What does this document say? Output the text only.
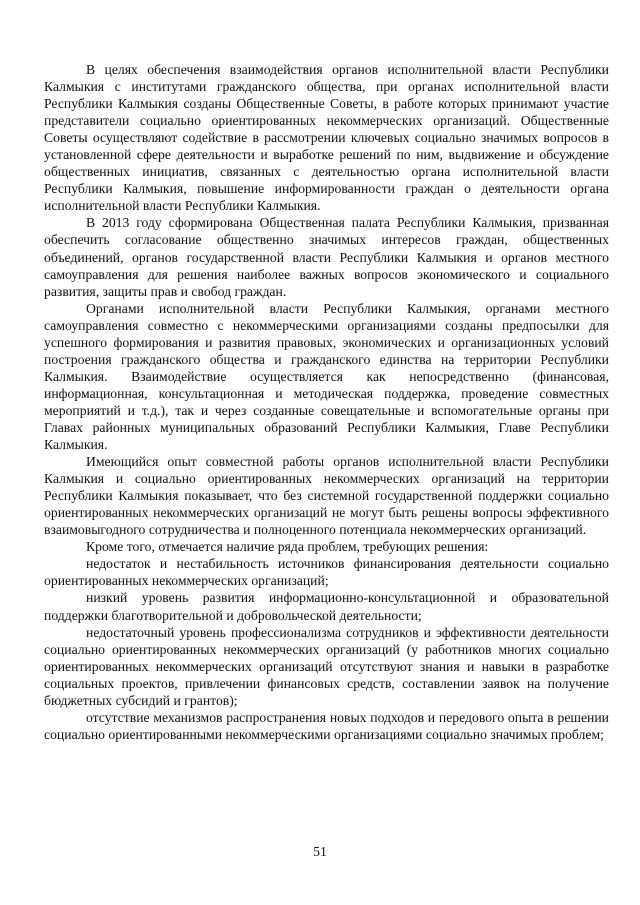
В целях обеспечения взаимодействия органов исполнительной власти Республики Калмыкия с институтами гражданского общества, при органах исполнительной власти Республики Калмыкия созданы Общественные Советы, в работе которых принимают участие представители социально ориентированных некоммерческих организаций. Общественные Советы осуществляют содействие в рассмотрении ключевых социально значимых вопросов в установленной сфере деятельности и выработке решений по ним, выдвижение и обсуждение общественных инициатив, связанных с деятельностью органа исполнительной власти Республики Калмыкия, повышение информированности граждан о деятельности органа исполнительной власти Республики Калмыкия.

В 2013 году сформирована Общественная палата Республики Калмыкия, призванная обеспечить согласование общественно значимых интересов граждан, общественных объединений, органов государственной власти Республики Калмыкия и органов местного самоуправления для решения наиболее важных вопросов экономического и социального развития, защиты прав и свобод граждан.

Органами исполнительной власти Республики Калмыкия, органами местного самоуправления совместно с некоммерческими организациями созданы предпосылки для успешного формирования и развития правовых, экономических и организационных условий построения гражданского общества и гражданского единства на территории Республики Калмыкия. Взаимодействие осуществляется как непосредственно (финансовая, информационная, консультационная и методическая поддержка, проведение совместных мероприятий и т.д.), так и через созданные совещательные и вспомогательные органы при Главах районных муниципальных образований Республики Калмыкия, Главе Республики Калмыкия.

Имеющийся опыт совместной работы органов исполнительной власти Республики Калмыкия и социально ориентированных некоммерческих организаций на территории Республики Калмыкия показывает, что без системной государственной поддержки социально ориентированных некоммерческих организаций не могут быть решены вопросы эффективного взаимовыгодного сотрудничества и полноценного потенциала некоммерческих организаций.

Кроме того, отмечается наличие ряда проблем, требующих решения:

недостаток и нестабильность источников финансирования деятельности социально ориентированных некоммерческих организаций;

низкий уровень развития информационно-консультационной и образовательной поддержки благотворительной и добровольческой деятельности;

недостаточный уровень профессионализма сотрудников и эффективности деятельности социально ориентированных некоммерческих организаций (у работников многих социально ориентированных некоммерческих организаций отсутствуют знания и навыки в разработке социальных проектов, привлечении финансовых средств, составлении заявок на получение бюджетных субсидий и грантов);

отсутствие механизмов распространения новых подходов и передового опыта в решении социально ориентированными некоммерческими организациями социально значимых проблем;

51
